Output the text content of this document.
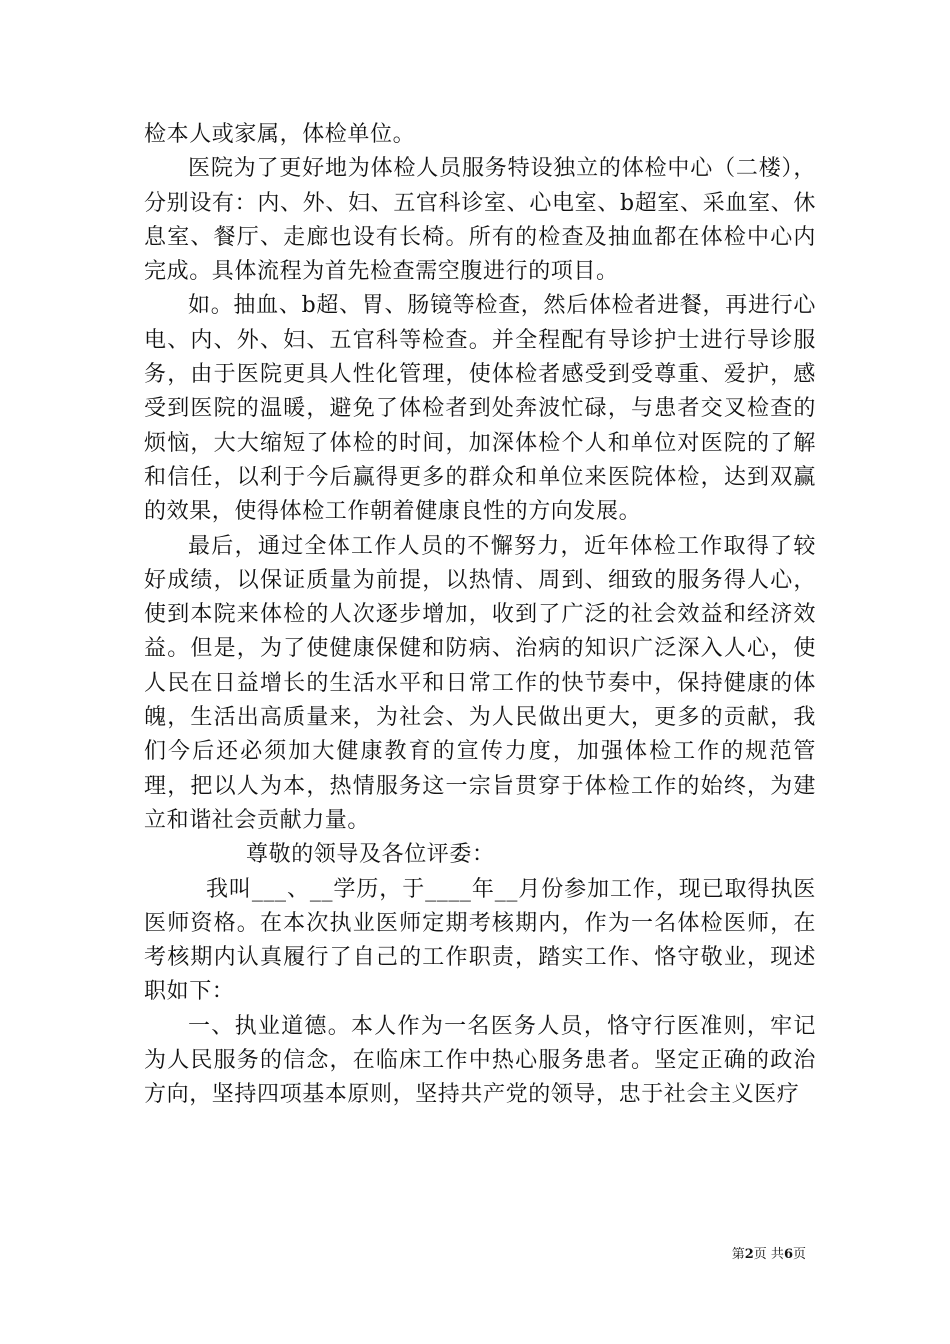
检本人或家属，体检单位。

医院为了更好地为体检人员服务特设独立的体检中心（二楼），分别设有：内、外、妇、五官科诊室、心电室、b超室、采血室、休息室、餐厅、走廊也设有长椅。所有的检查及抽血都在体检中心内完成。具体流程为首先检查需空腹进行的项目。

如。抽血、b超、胃、肠镜等检查，然后体检者进餐，再进行心电、内、外、妇、五官科等检查。并全程配有导诊护士进行导诊服务，由于医院更具人性化管理，使体检者感受到受尊重、爱护，感受到医院的温暖，避免了体检者到处奔波忙碌，与患者交叉检查的烦恼，大大缩短了体检的时间，加深体检个人和单位对医院的了解和信任，以利于今后赢得更多的群众和单位来医院体检，达到双赢的效果，使得体检工作朝着健康良性的方向发展。

最后，通过全体工作人员的不懈努力，近年体检工作取得了较好成绩，以保证质量为前提，以热情、周到、细致的服务得人心，使到本院来体检的人次逐步增加，收到了广泛的社会效益和经济效益。但是，为了使健康保健和防病、治病的知识广泛深入人心，使人民在日益增长的生活水平和日常工作的快节奏中，保持健康的体魄，生活出高质量来，为社会、为人民做出更大，更多的贡献，我们今后还必须加大健康教育的宣传力度，加强体检工作的规范管理，把以人为本，热情服务这一宗旨贯穿于体检工作的始终，为建立和谐社会贡献力量。

尊敬的领导及各位评委：

我叫___、__学历，于____年__月份参加工作，现已取得执医医师资格。在本次执业医师定期考核期内，作为一名体检医师，在考核期内认真履行了自己的工作职责，踏实工作、恪守敬业，现述职如下：

一、执业道德。本人作为一名医务人员，恪守行医准则，牢记为人民服务的信念，在临床工作中热心服务患者。坚定正确的政治方向，坚持四项基本原则，坚持共产党的领导，忠于社会主义医疗

第2页 共6页
